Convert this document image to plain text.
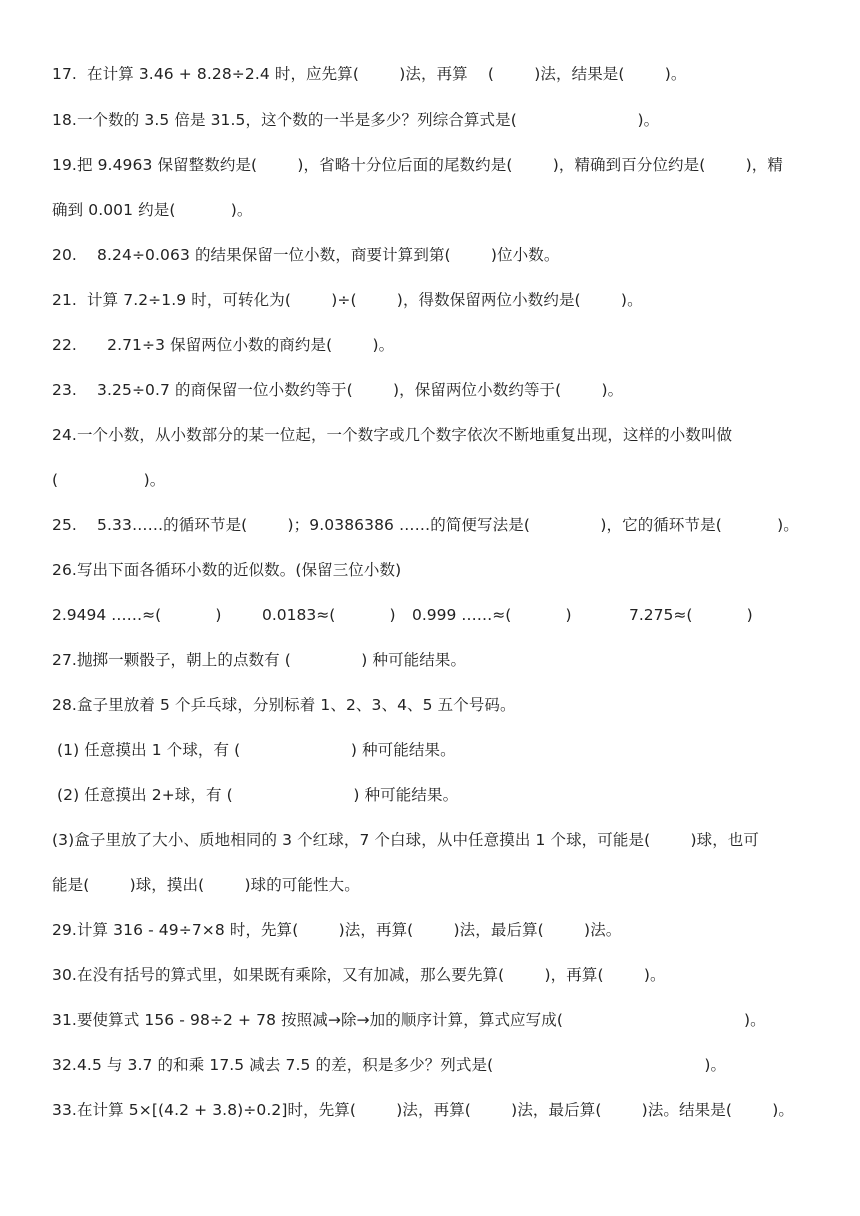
17.  在计算 3.46 + 8.28÷2.4 时，应先算(        )法，再算    (        )法，结果是(        )。
18.一个数的 3.5 倍是 31.5，这个数的一半是多少？列综合算式是(                        )。
19.把 9.4963 保留整数约是(        )，省略十分位后面的尾数约是(        )，精确到百分位约是(        )，精
确到 0.001 约是(           )。
20.    8.24÷0.063 的结果保留一位小数，商要计算到第(        )位小数。
21.  计算 7.2÷1.9 时，可转化为(        )÷(        )，得数保留两位小数约是(        )。
22.      2.71÷3 保留两位小数的商约是(        )。
23.    3.25÷0.7 的商保留一位小数约等于(        )，保留两位小数约等于(        )。
24.一个小数，从小数部分的某一位起，一个数字或几个数字依次不断地重复出现，这样的小数叫做
(                 )。
25.    5.33……的循环节是(        )；9.0386386 ……的简便写法是(              )，它的循环节是(           )。
26.写出下面各循环小数的近似数。(保留三位小数)
2.9494 ……≈(           )	0.0183≈(           ) 0.999 ……≈(           )	7.275≈(           )
27.抛掷一颗骰子，朝上的点数有 (              ) 种可能结果。
28.盒子里放着 5 个乒乓球，分别标着 1、2、3、4、5 五个号码。
(1) 任意摸出 1 个球，有 (                      ) 种可能结果。
(2) 任意摸出 2+球，有 (                        ) 种可能结果。
(3)盒子里放了大小、质地相同的 3 个红球，7 个白球，从中任意摸出 1 个球，可能是(        )球，也可
能是(        )球，摸出(        )球的可能性大。
29.计算 316 - 49÷7×8 时，先算(        )法，再算(        )法，最后算(        )法。
30.在没有括号的算式里，如果既有乘除，又有加减，那么要先算(        )，再算(        )。
31.要使算式 156 - 98÷2 + 78 按照减→除→加的顺序计算，算式应写成(                                    )。
32.4.5 与 3.7 的和乘 17.5 减去 7.5 的差，积是多少？列式是(                                          )。
33.在计算 5×[(4.2 + 3.8)÷0.2]时，先算(        )法，再算(        )法，最后算(        )法。结果是(        )。
